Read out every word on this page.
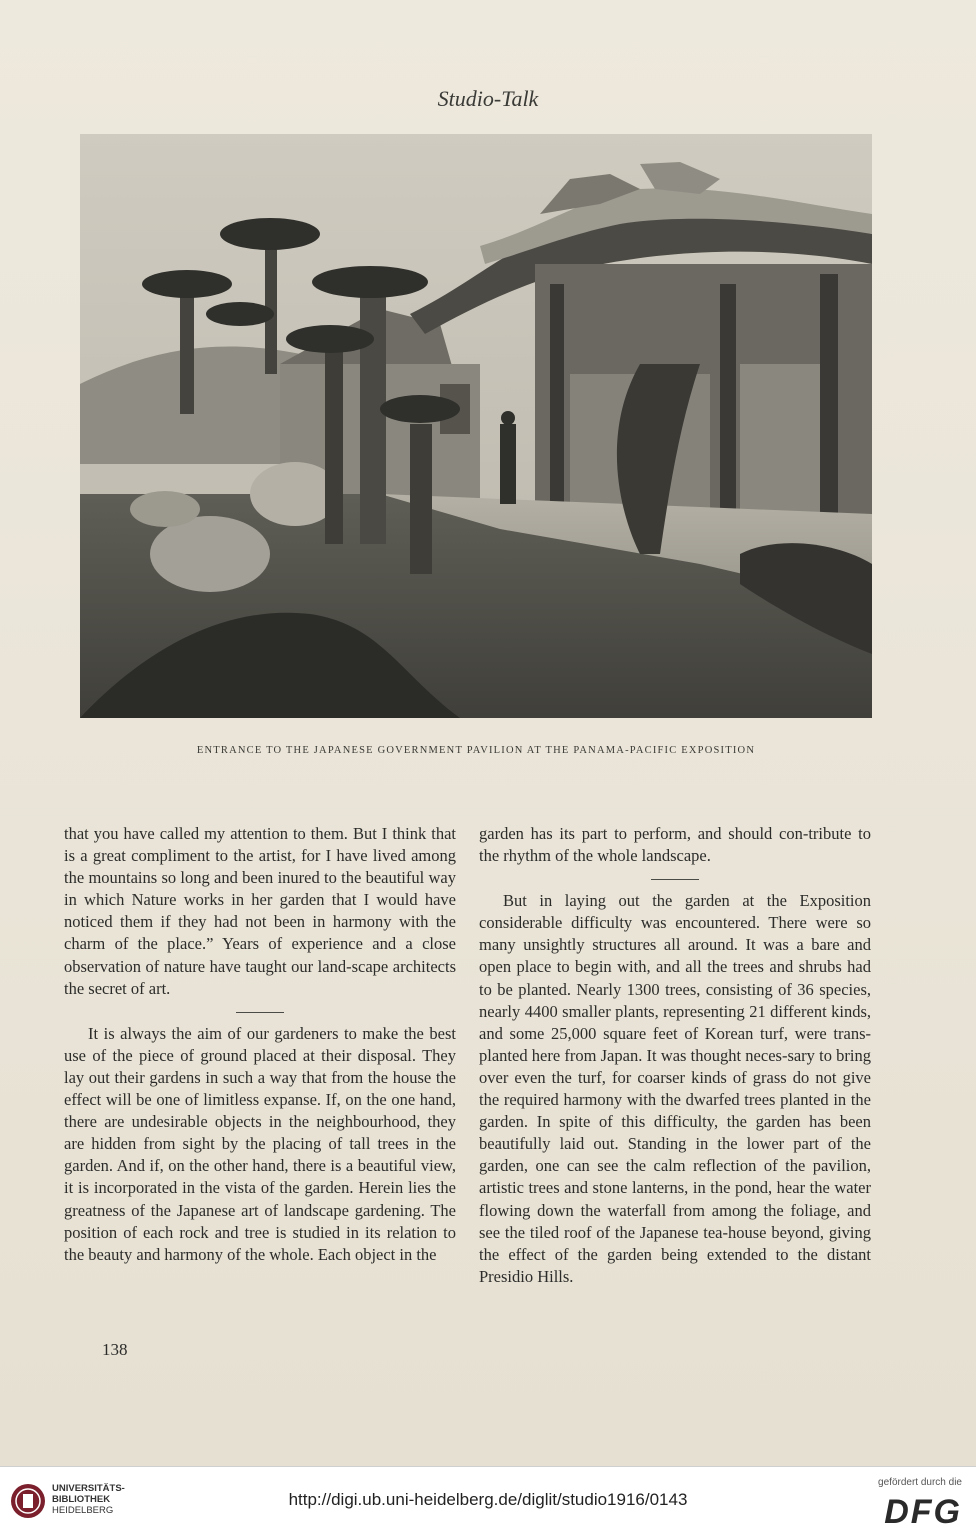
Studio-Talk
ENTRANCE TO THE JAPANESE GOVERNMENT PAVILION AT THE PANAMA-PACIFIC EXPOSITION

that you have called my attention to them. But I think that is a great compliment to the artist, for I have lived among the mountains so long and been inured to the beautiful way in which Nature works in her garden that I would have noticed them if they had not been in harmony with the charm of the place.” Years of experience and a close observation of nature have taught our land-scape architects the secret of art.

It is always the aim of our gardeners to make the best use of the piece of ground placed at their disposal. They lay out their gardens in such a way that from the house the effect will be one of limitless expanse. If, on the one hand, there are undesirable objects in the neighbourhood, they are hidden from sight by the placing of tall trees in the garden. And if, on the other hand, there is a beautiful view, it is incorporated in the vista of the garden. Herein lies the greatness of the Japanese art of landscape gardening. The position of each rock and tree is studied in its relation to the beauty and harmony of the whole. Each object in the

garden has its part to perform, and should con-tribute to the rhythm of the whole landscape.

But in laying out the garden at the Exposition considerable difficulty was encountered. There were so many unsightly structures all around. It was a bare and open place to begin with, and all the trees and shrubs had to be planted. Nearly 1300 trees, consisting of 36 species, nearly 4400 smaller plants, representing 21 different kinds, and some 25,000 square feet of Korean turf, were trans-planted here from Japan. It was thought neces-sary to bring over even the turf, for coarser kinds of grass do not give the required harmony with the dwarfed trees planted in the garden. In spite of this difficulty, the garden has been beautifully laid out. Standing in the lower part of the garden, one can see the calm reflection of the pavilion, artistic trees and stone lanterns, in the pond, hear the water flowing down the waterfall from among the foliage, and see the tiled roof of the Japanese tea-house beyond, giving the effect of the garden being extended to the distant Presidio Hills.

138
UNIVERSITÄTS-
BIBLIOTHEK
HEIDELBERG
http://digi.ub.uni-heidelberg.de/diglit/studio1916/0143
gefördert durch die
DFG
